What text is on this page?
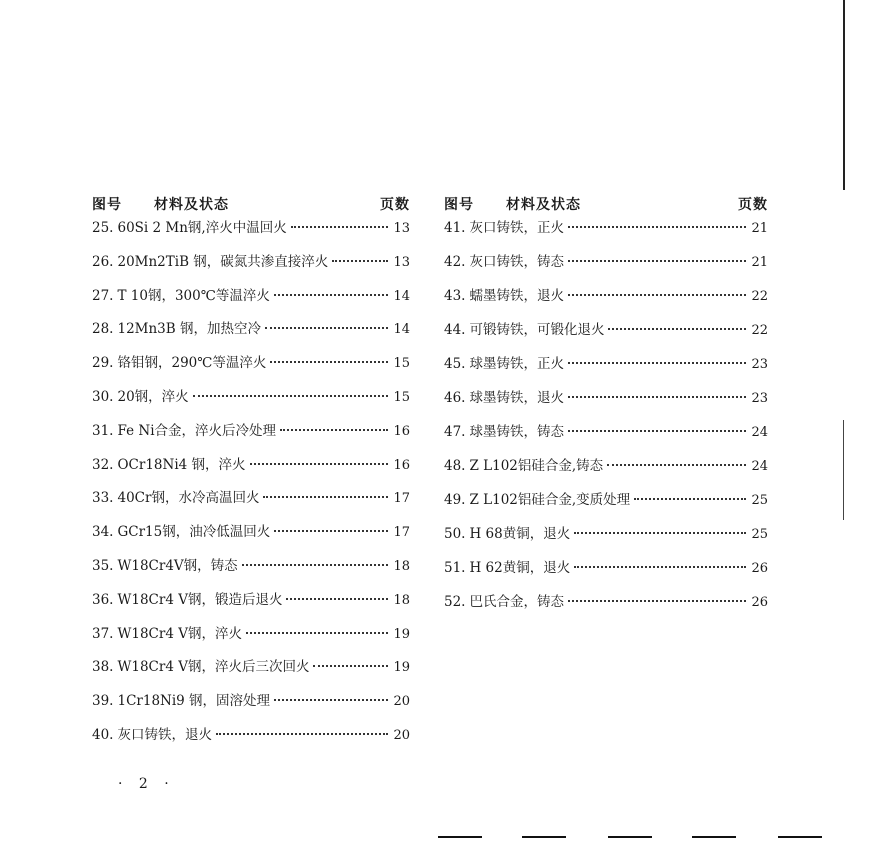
图号 材料及状态	页数
25. 60Si 2 Mn钢,淬火中温回火	13
26. 20Mn2TiB 钢，碳氮共渗直接淬火	13
27. T 10钢，300℃等温淬火	14
28. 12Mn3B 钢，加热空冷	14
29. 铬钼钢，290℃等温淬火	15
30. 20钢，淬火	15
31. Fe Ni合金，淬火后冷处理	16
32. OCr18Ni4 钢，淬火	16
33. 40Cr钢，水冷高温回火	17
34. GCr15钢，油冷低温回火	17
35. W18Cr4V钢，铸态	18
36. W18Cr4 V钢，锻造后退火	18
37. W18Cr4 V钢，淬火	19
38. W18Cr4 V钢，淬火后三次回火	19
39. 1Cr18Ni9 钢，固溶处理	20
40. 灰口铸铁，退火	20
图号 材料及状态	页数
41. 灰口铸铁，正火	21
42. 灰口铸铁，铸态	21
43. 蠕墨铸铁，退火	22
44. 可锻铸铁，可锻化退火	22
45. 球墨铸铁，正火	23
46. 球墨铸铁，退火	23
47. 球墨铸铁，铸态	24
48. Z L102铝硅合金,铸态	24
49. Z L102铝硅合金,变质处理	25
50. H 68黄铜，退火	25
51. H 62黄铜，退火	26
52. 巴氏合金，铸态	26
· 2 ·
